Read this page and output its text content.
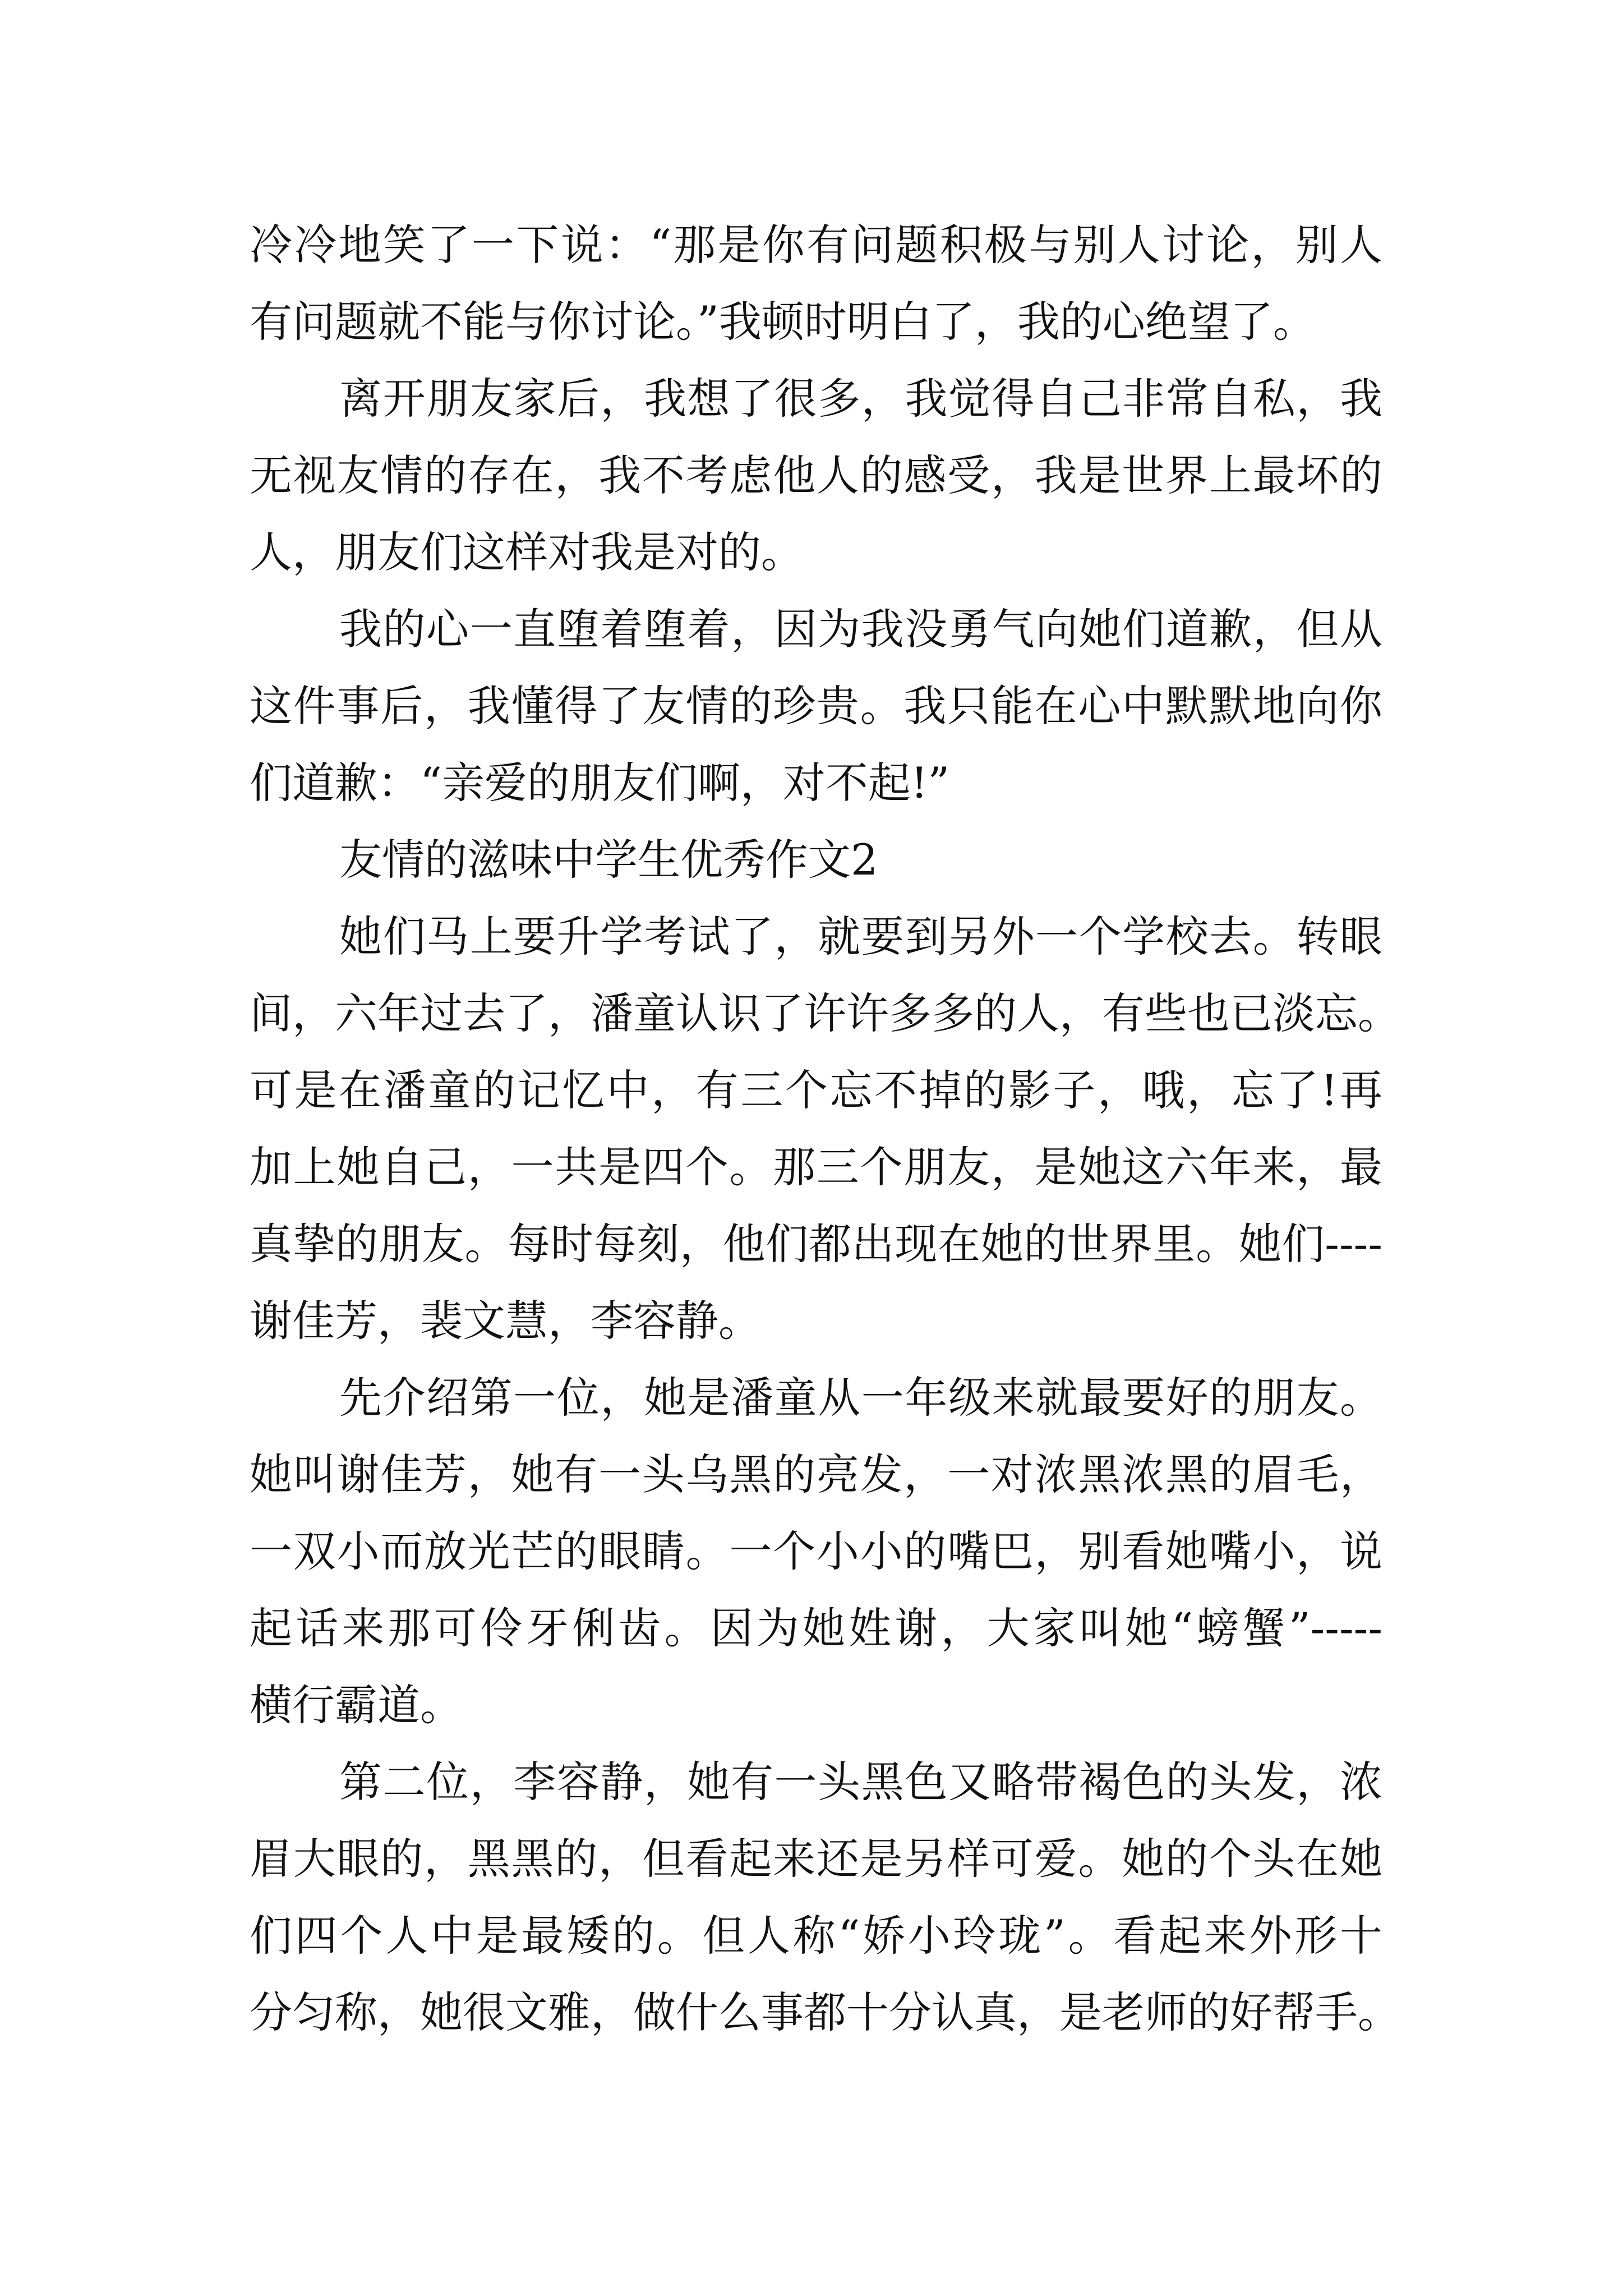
冷冷地笑了一下说：“那是你有问题积极与别人讨论，别人
有问题就不能与你讨论。”我顿时明白了，我的心绝望了。
离开朋友家后，我想了很多，我觉得自己非常自私，我
无视友情的存在，我不考虑他人的感受，我是世界上最坏的
人，朋友们这样对我是对的。
我的心一直堕着堕着，因为我没勇气向她们道歉，但从
这件事后，我懂得了友情的珍贵。我只能在心中默默地向你
们道歉：“亲爱的朋友们啊，对不起!”
友情的滋味中学生优秀作文2
她们马上要升学考试了，就要到另外一个学校去。转眼
间，六年过去了，潘童认识了许许多多的人，有些也已淡忘。
可是在潘童的记忆中，有三个忘不掉的影子，哦，忘了!再
加上她自己，一共是四个。那三个朋友，是她这六年来，最
真挚的朋友。每时每刻，他们都出现在她的世界里。她们----
谢佳芳，裴文慧，李容静。
先介绍第一位，她是潘童从一年级来就最要好的朋友。
她叫谢佳芳，她有一头乌黑的亮发，一对浓黑浓黑的眉毛，
一双小而放光芒的眼睛。一个小小的嘴巴，别看她嘴小，说
起话来那可伶牙俐齿。因为她姓谢，大家叫她“螃蟹”-----
横行霸道。
第二位，李容静，她有一头黑色又略带褐色的头发，浓
眉大眼的，黑黑的，但看起来还是另样可爱。她的个头在她
们四个人中是最矮的。但人称“娇小玲珑”。看起来外形十
分匀称，她很文雅，做什么事都十分认真，是老师的好帮手。
